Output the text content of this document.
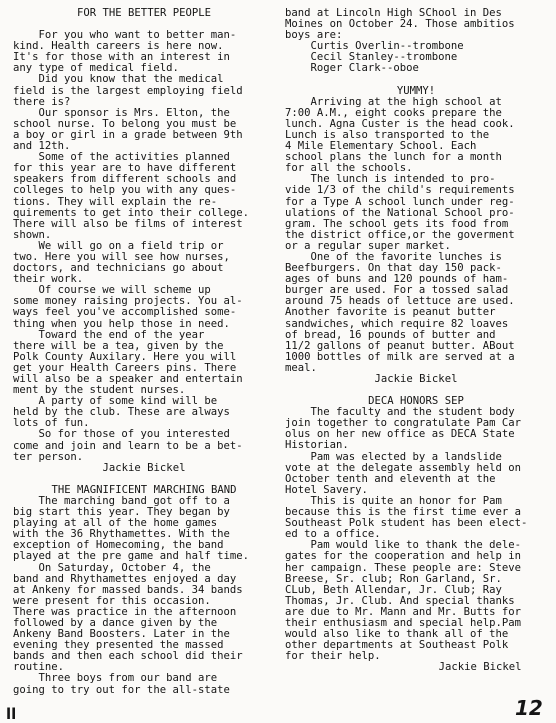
FOR THE BETTER PEOPLE
For you who want to better man-
kind. Health careers is here now.
It's for those with an interest in
any type of medical field.
Did you know that the medical
field is the largest employing field
there is?
Our sponsor is Mrs. Elton, the
school nurse. To belong you must be
a boy or girl in a grade between 9th
and 12th.
Some of the activities planned
for this year are to have different
speakers from different schools and
colleges to help you with any ques-
tions. They will explain the re-
quirements to get into their college.
There will also be films of interest
shown.
We will go on a field trip or
two. Here you will see how nurses,
doctors, and technicians go about
their work.
Of course we will scheme up
some money raising projects. You al-
ways feel you've accomplished some-
thing when you help those in need.
Toward the end of the year
there will be a tea, given by the
Polk County Auxilary. Here you will
get your Health Careers pins. There
will also be a speaker and entertain
ment by the student nurses.
A party of some kind will be
held by the club. These are always
lots of fun.
So for those of you interested
come and join and learn to be a bet-
ter person.
Jackie Bickel
THE MAGNIFICENT MARCHING BAND
The marching band got off to a
big start this year. They began by
playing at all of the home games
with the 36 Rhythamettes. With the
exception of Homecoming, the band
played at the pre game and half time.
On Saturday, October 4, the
band and Rhythamettes enjoyed a day
at Ankeny for massed bands. 34 bands
were present for this occasion.
There was practice in the afternoon
followed by a dance given by the
Ankeny Band Boosters. Later in the
evening they presented the massed
bands and then each school did their
routine.
Three boys from our band are
going to try out for the all-state
band at Lincoln High SChool in Des
Moines on October 24. Those ambitios
boys are:
Curtis Overlin--trombone
Cecil Stanley--trombone
Roger Clark--oboe
YUMMY!
Arriving at the high school at
7:00 A.M., eight cooks prepare the
lunch. Agna Custer is the head cook.
Lunch is also transported to the
4 Mile Elementary School. Each
school plans the lunch for a month
for all the schools.
The lunch is intended to pro-
vide 1/3 of the child's requirements
for a Type A school lunch under reg-
ulations of the National School pro-
gram. The school gets its food from
the district office,or the goverment
or a regular super market.
One of the favorite lunches is
Beefburgers. On that day 150 pack-
ages of buns and 120 pounds of ham-
burger are used. For a tossed salad
around 75 heads of lettuce are used.
Another favorite is peanut butter
sandwiches, which require 82 loaves
of bread, 16 pounds of butter and
11/2 gallons of peanut butter. ABout
1000 bottles of milk are served at a
meal.
Jackie Bickel
DECA HONORS SEP
The faculty and the student body
join together to congratulate Pam Car
olus on her new office as DECA State
Historian.
Pam was elected by a landslide
vote at the delegate assembly held on
October tenth and eleventh at the
Hotel Savery.
This is quite an honor for Pam
because this is the first time ever a
Southeast Polk student has been elect-
ed to a office.
Pam would like to thank the dele-
gates for the cooperation and help in
her campaign. These people are: Steve
Breese, Sr. club; Ron Garland, Sr.
CLub, Beth Allendar, Jr. Club; Ray
Thomas, Jr. Club. And special thanks
are due to Mr. Mann and Mr. Butts for
their enthusiasm and special help.Pam
would also like to thank all of the
other departments at Southeast Polk
for their help.
Jackie Bickel
ll	12
